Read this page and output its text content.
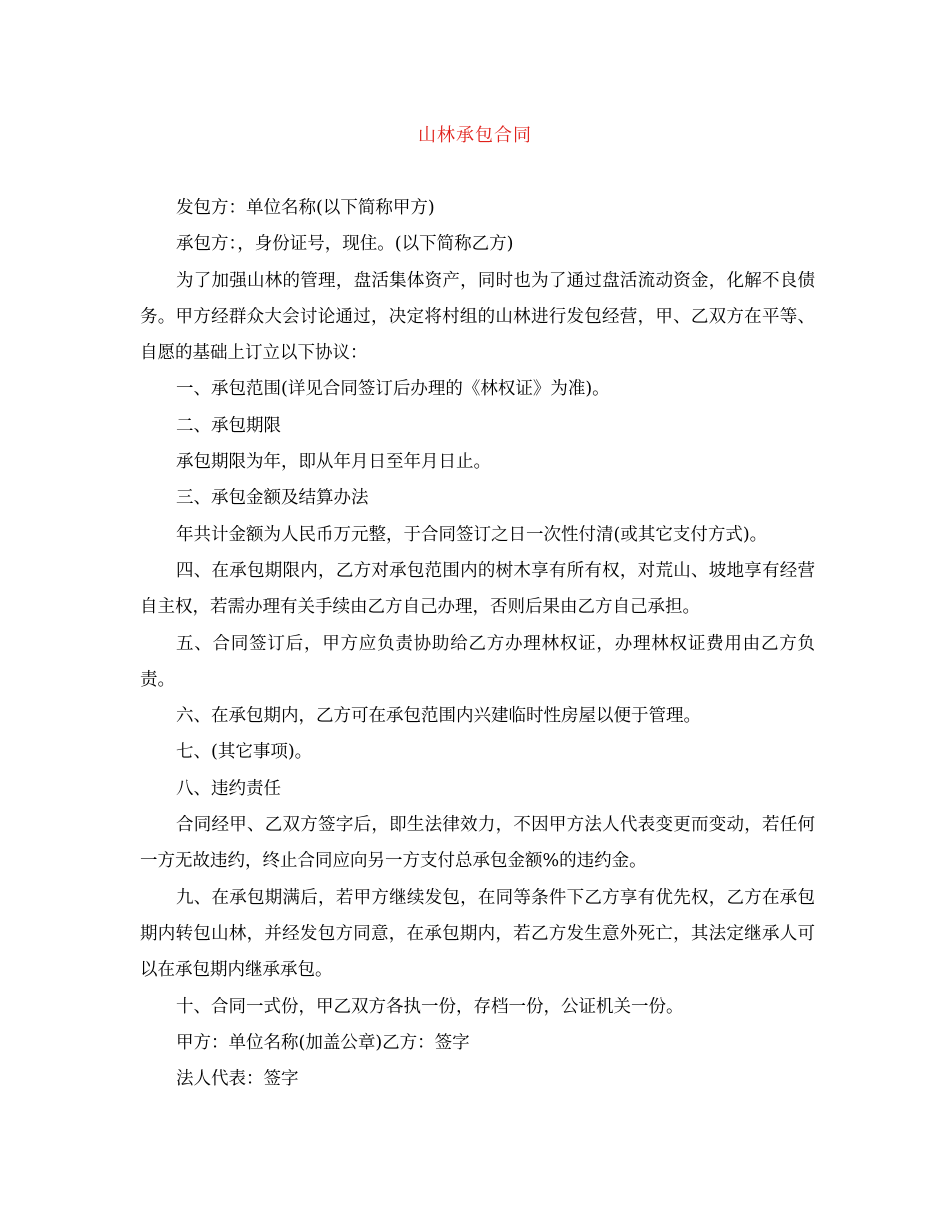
山林承包合同

发包方：单位名称(以下简称甲方)

承包方：，身份证号，现住。(以下简称乙方)

为了加强山林的管理，盘活集体资产，同时也为了通过盘活流动资金，化解不良债务。甲方经群众大会讨论通过，决定将村组的山林进行发包经营，甲、乙双方在平等、自愿的基础上订立以下协议：

一、承包范围(详见合同签订后办理的《林权证》为准)。

二、承包期限

承包期限为年，即从年月日至年月日止。

三、承包金额及结算办法

年共计金额为人民币万元整，于合同签订之日一次性付清(或其它支付方式)。

四、在承包期限内，乙方对承包范围内的树木享有所有权，对荒山、坡地享有经营自主权，若需办理有关手续由乙方自己办理，否则后果由乙方自己承担。

五、合同签订后，甲方应负责协助给乙方办理林权证，办理林权证费用由乙方负责。

六、在承包期内，乙方可在承包范围内兴建临时性房屋以便于管理。

七、(其它事项)。

八、违约责任

合同经甲、乙双方签字后，即生法律效力，不因甲方法人代表变更而变动，若任何一方无故违约，终止合同应向另一方支付总承包金额%的违约金。

九、在承包期满后，若甲方继续发包，在同等条件下乙方享有优先权，乙方在承包期内转包山林，并经发包方同意，在承包期内，若乙方发生意外死亡，其法定继承人可以在承包期内继承承包。

十、合同一式份，甲乙双方各执一份，存档一份，公证机关一份。

甲方：单位名称(加盖公章)乙方：签字

法人代表：签字
